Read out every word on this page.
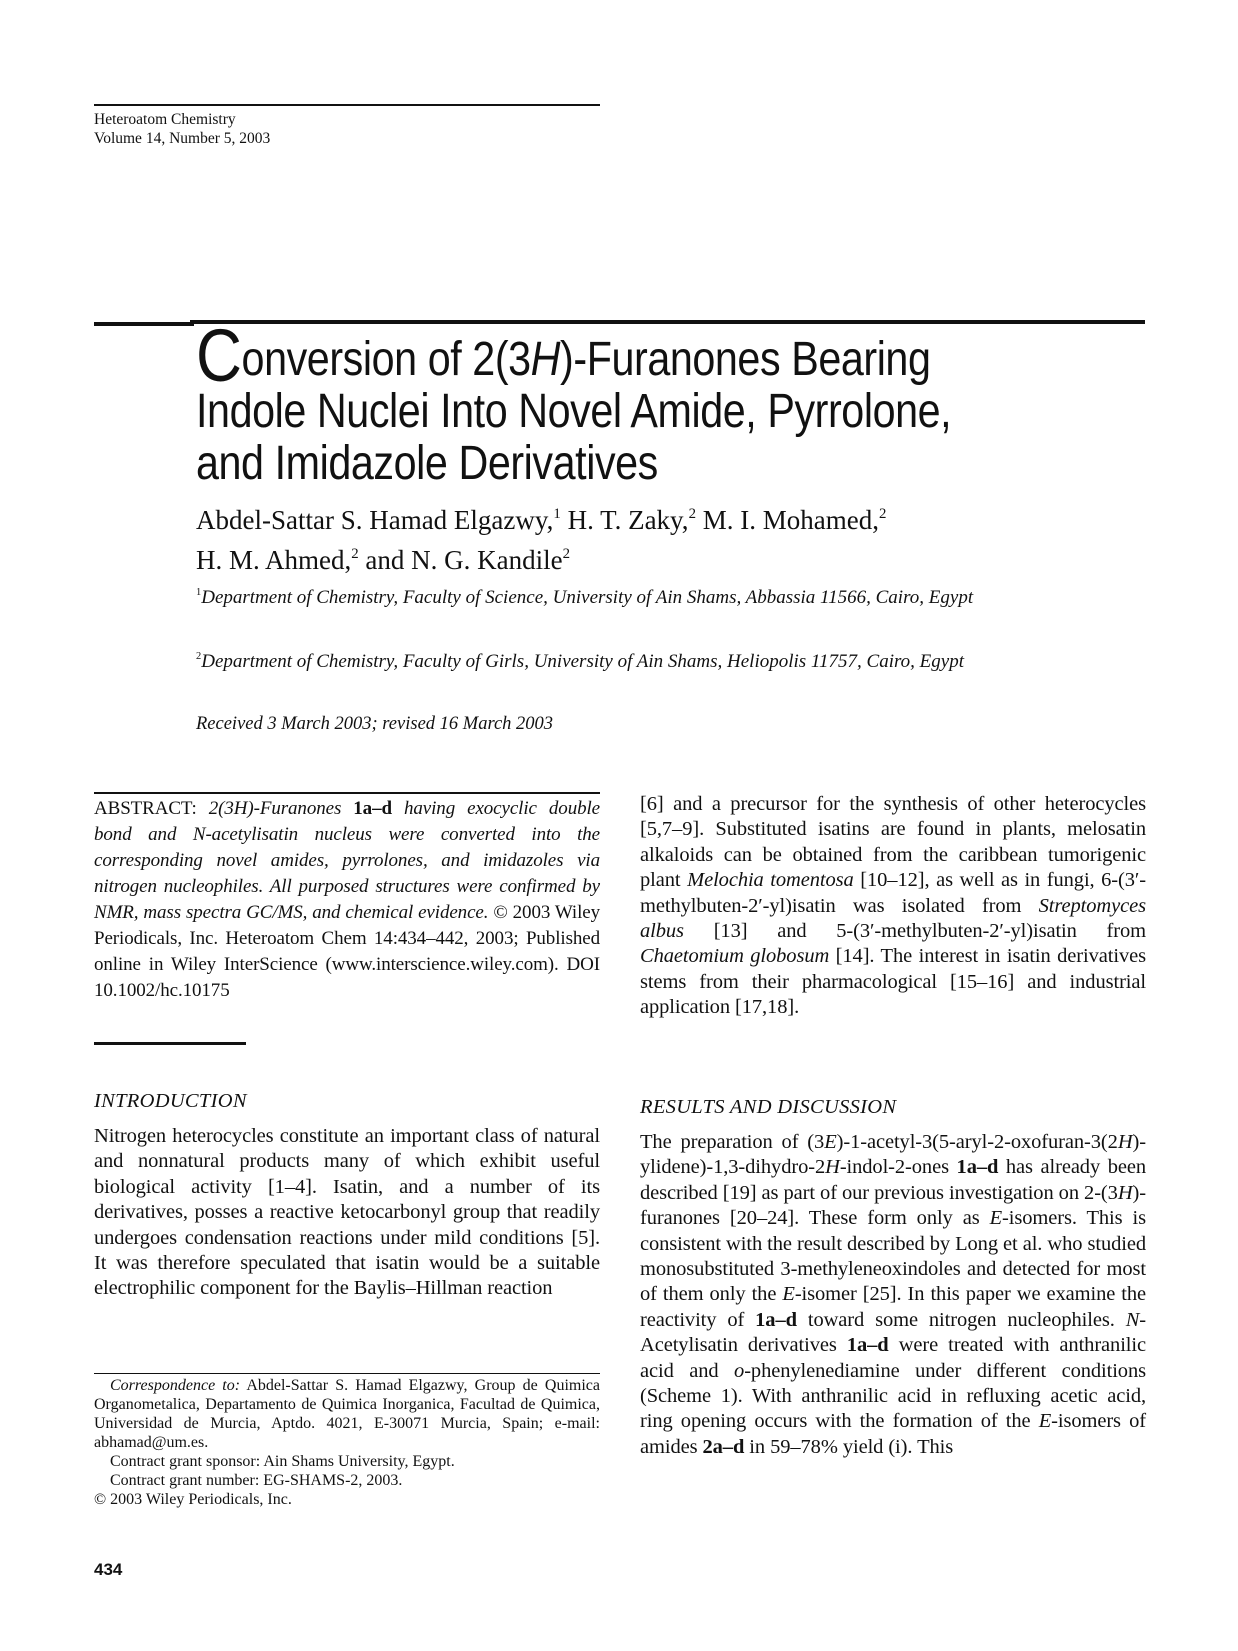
Heteroatom Chemistry
Volume 14, Number 5, 2003
Conversion of 2(3H)-Furanones Bearing
Indole Nuclei Into Novel Amide, Pyrrolone,
and Imidazole Derivatives
Abdel-Sattar S. Hamad Elgazwy,$^1$ H. T. Zaky,$^2$ M. I. Mohamed,$^2$
H. M. Ahmed,$^2$ and N. G. Kandile$^2$
$^1$Department of Chemistry, Faculty of Science, University of Ain Shams, Abbassia 11566, Cairo, Egypt
$^2$Department of Chemistry, Faculty of Girls, University of Ain Shams, Heliopolis 11757, Cairo, Egypt
Received 3 March 2003; revised 16 March 2003
ABSTRACT: 2(3H)-Furanones 1a–d having exocyclic double bond and N-acetylisatin nucleus were converted into the corresponding novel amides, pyrrolones, and imidazoles via nitrogen nucleophiles. All purposed structures were confirmed by NMR, mass spectra GC/MS, and chemical evidence. © 2003 Wiley Periodicals, Inc. Heteroatom Chem 14:434–442, 2003; Published online in Wiley InterScience (www.interscience.wiley.com). DOI 10.1002/hc.10175
INTRODUCTION
Nitrogen heterocycles constitute an important class of natural and nonnatural products many of which exhibit useful biological activity [1–4]. Isatin, and a number of its derivatives, posses a reactive ketocarbonyl group that readily undergoes condensation reactions under mild conditions [5]. It was therefore speculated that isatin would be a suitable electrophilic component for the Baylis–Hillman reaction

Correspondence to: Abdel-Sattar S. Hamad Elgazwy, Group de Quimica Organometalica, Departamento de Quimica Inorganica, Facultad de Quimica, Universidad de Murcia, Aptdo. 4021, E-30071 Murcia, Spain; e-mail: abhamad@um.es.

Contract grant sponsor: Ain Shams University, Egypt.

Contract grant number: EG-SHAMS-2, 2003.

© 2003 Wiley Periodicals, Inc.

434
[6] and a precursor for the synthesis of other heterocycles [5,7–9]. Substituted isatins are found in plants, melosatin alkaloids can be obtained from the caribbean tumorigenic plant Melochia tomentosa [10–12], as well as in fungi, 6-(3′-methylbuten-2′-yl)isatin was isolated from Streptomyces albus [13] and 5-(3′-methylbuten-2′-yl)isatin from Chaetomium globosum [14]. The interest in isatin derivatives stems from their pharmacological [15–16] and industrial application [17,18].
RESULTS AND DISCUSSION
The preparation of (3E)-1-acetyl-3(5-aryl-2-oxofuran-3(2H)-ylidene)-1,3-dihydro-2H-indol-2-ones 1a–d has already been described [19] as part of our previous investigation on 2-(3H)-furanones [20–24]. These form only as E-isomers. This is consistent with the result described by Long et al. who studied monosubstituted 3-methyleneoxindoles and detected for most of them only the E-isomer [25]. In this paper we examine the reactivity of 1a–d toward some nitrogen nucleophiles. N-Acetylisatin derivatives 1a–d were treated with anthranilic acid and o-phenylenediamine under different conditions (Scheme 1). With anthranilic acid in refluxing acetic acid, ring opening occurs with the formation of the E-isomers of amides 2a–d in 59–78% yield (i). This
